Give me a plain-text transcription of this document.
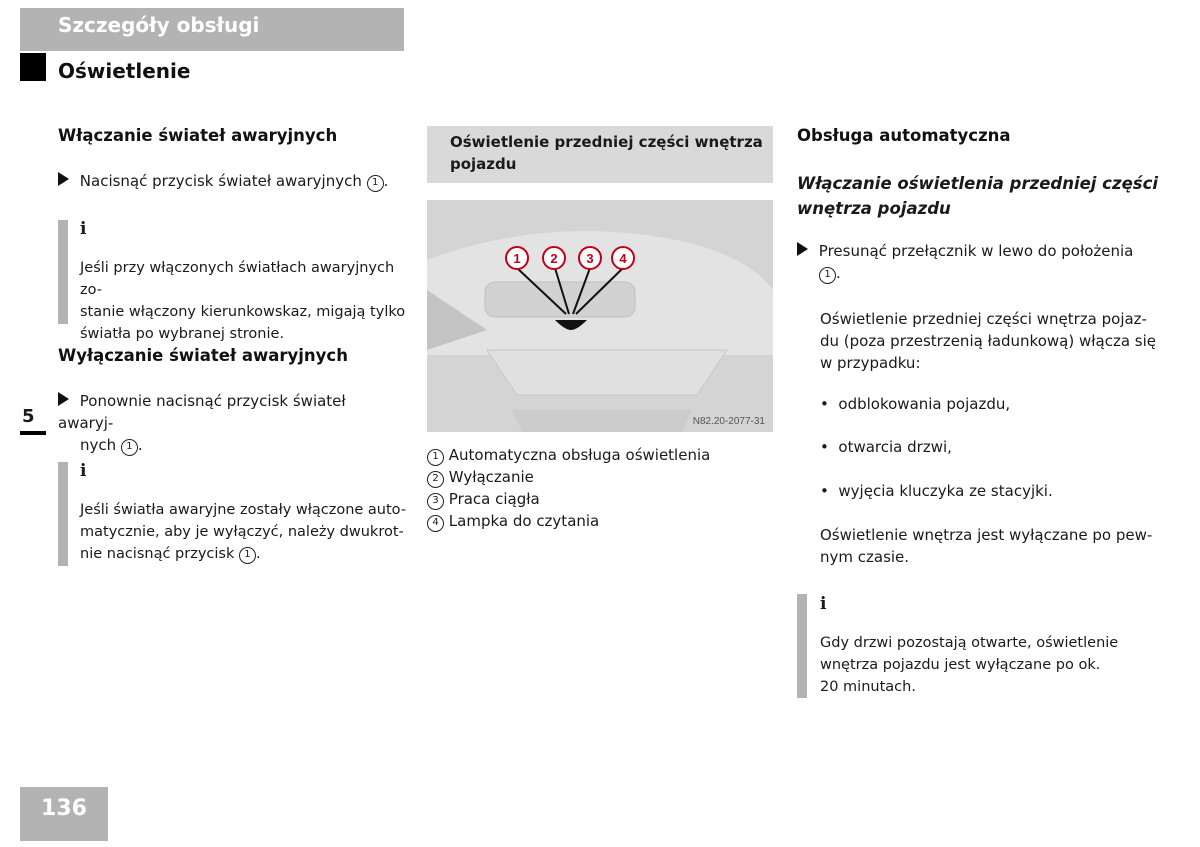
Szczegóły obsługi
Oświetlenie
5
Włączanie świateł awaryjnych
Nacisnąć przycisk świateł awaryjnych 1 .
i
Jeśli przy włączonych światłach awaryjnych zo-
stanie włączony kierunkowskaz, migają tylko
światła po wybranej stronie.
Wyłączanie świateł awaryjnych
Ponownie nacisnąć przycisk świateł awaryj-
nych 1 .
i
Jeśli światła awaryjne zostały włączone auto-
matycznie, aby je wyłączyć, należy dwukrot-
nie nacisnąć przycisk 1 .
Oświetlenie przedniej części wnętrza
pojazdu
1 2 3 4
N82.20-2077-31
1 Automatyczna obsługa oświetlenia
2 Wyłączanie
3 Praca ciągła
4 Lampka do czytania
Obsługa automatyczna
Włączanie oświetlenia przedniej części
wnętrza pojazdu
Presunąć przełącznik w lewo do położenia
1 .
Oświetlenie przedniej części wnętrza pojaz-
du (poza przestrzenią ładunkową) włącza się
w przypadku:
• odblokowania pojazdu,
• otwarcia drzwi,
• wyjęcia kluczyka ze stacyjki.
Oświetlenie wnętrza jest wyłączane po pew-
nym czasie.
i
Gdy drzwi pozostają otwarte, oświetlenie
wnętrza pojazdu jest wyłączane po ok.
20 minutach.
136
